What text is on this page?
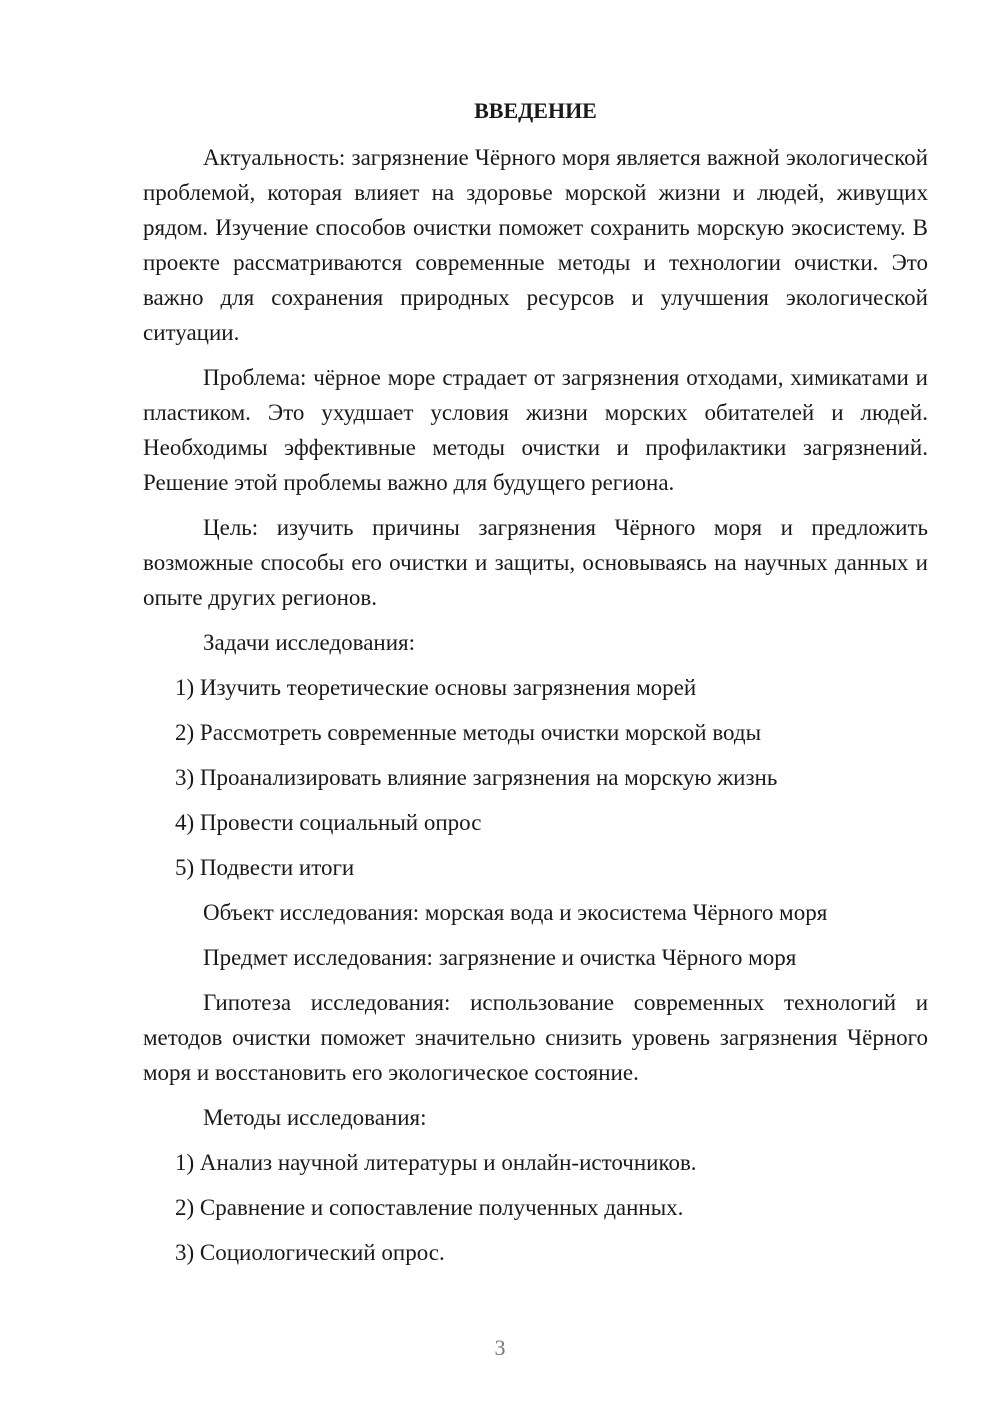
ВВЕДЕНИЕ

Актуальность: загрязнение Чёрного моря является важной экологической проблемой, которая влияет на здоровье морской жизни и людей, живущих рядом. Изучение способов очистки поможет сохранить морскую экосистему. В проекте рассматриваются современные методы и технологии очистки. Это важно для сохранения природных ресурсов и улучшения экологической ситуации.

Проблема: чёрное море страдает от загрязнения отходами, химикатами и пластиком. Это ухудшает условия жизни морских обитателей и людей. Необходимы эффективные методы очистки и профилактики загрязнений. Решение этой проблемы важно для будущего региона.

Цель: изучить причины загрязнения Чёрного моря и предложить возможные способы его очистки и защиты, основываясь на научных данных и опыте других регионов.

Задачи исследования:
1) Изучить теоретические основы загрязнения морей
2) Рассмотреть современные методы очистки морской воды
3) Проанализировать влияние загрязнения на морскую жизнь
4) Провести социальный опрос
5) Подвести итоги
Объект исследования: морская вода и экосистема Чёрного моря
Предмет исследования: загрязнение и очистка Чёрного моря

Гипотеза исследования: использование современных технологий и методов очистки поможет значительно снизить уровень загрязнения Чёрного моря и восстановить его экологическое состояние.

Методы исследования:
1) Анализ научной литературы и онлайн-источников.
2) Сравнение и сопоставление полученных данных.
3) Социологический опрос.
3
